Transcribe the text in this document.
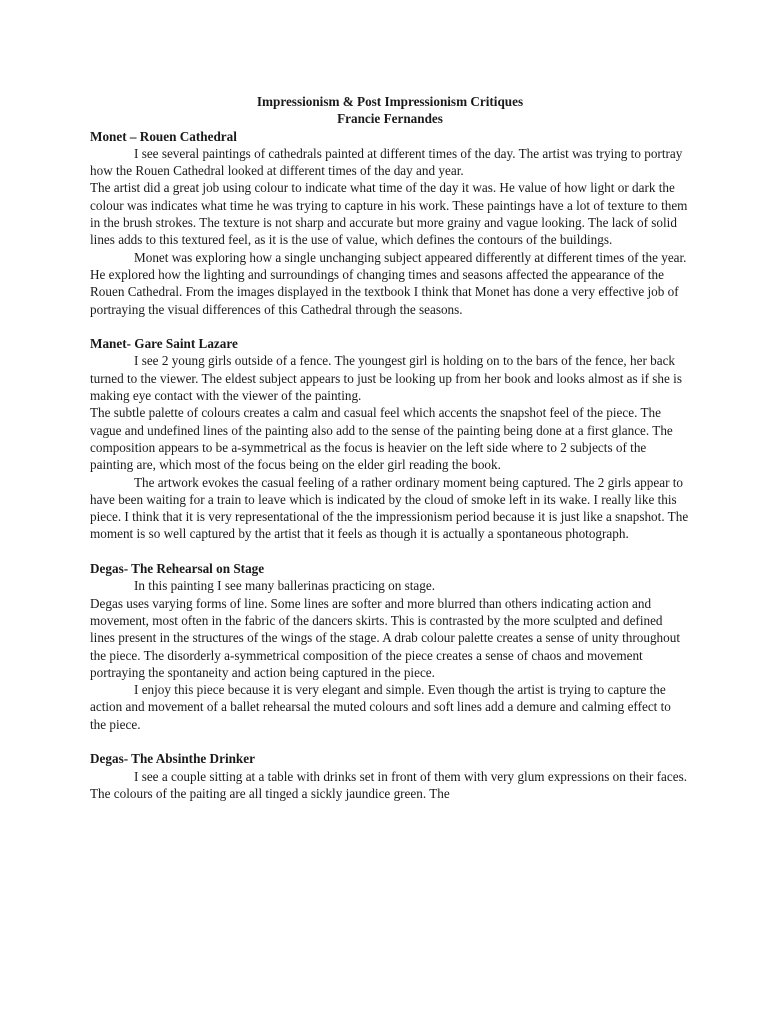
Impressionism & Post Impressionism Critiques
Francie Fernandes
Monet – Rouen Cathedral
I see several paintings of cathedrals painted at different times of the day. The artist was trying to portray how the Rouen Cathedral looked at different times of the day and year.
The artist did a great job using colour to indicate what time of the day it was. He value of how light or dark the colour was indicates what time he was trying to capture in his work. These paintings have a lot of texture to them in the brush strokes. The texture is not sharp and accurate but more grainy and vague looking. The lack of solid lines adds to this textured feel, as it is the use of value, which defines the contours of the buildings.
Monet was exploring how a single unchanging subject appeared differently at different times of the year. He explored how the lighting and surroundings of changing times and seasons affected the appearance of the Rouen Cathedral. From the images displayed in the textbook I think that Monet has done a very effective job of portraying the visual differences of this Cathedral through the seasons.
Manet- Gare Saint Lazare
I see 2 young girls outside of a fence. The youngest girl is holding on to the bars of the fence, her back turned to the viewer. The eldest subject appears to just be looking up from her book and looks almost as if she is making eye contact with the viewer of the painting.
The subtle palette of colours creates a calm and casual feel which accents the snapshot feel of the piece. The vague and undefined lines of the painting also add to the sense of the painting being done at a first glance. The composition appears to be a-symmetrical as the focus is heavier on the left side where to 2 subjects of the painting are, which most of the focus being on the elder girl reading the book.
The artwork evokes the casual feeling of a rather ordinary moment being captured. The 2 girls appear to have been waiting for a train to leave which is indicated by the cloud of smoke left in its wake. I really like this piece. I think that it is very representational of the the impressionism period because it is just like a snapshot. The moment is so well captured by the artist that it feels as though it is actually a spontaneous photograph.
Degas- The Rehearsal on Stage
In this painting I see many ballerinas practicing on stage.
Degas uses varying forms of line. Some lines are softer and more blurred than others indicating action and movement, most often in the fabric of the dancers skirts. This is contrasted by the more sculpted and defined lines present in the structures of the wings of the stage. A drab colour palette creates a sense of unity throughout the piece. The disorderly a-symmetrical composition of the piece creates a sense of chaos and movement portraying the spontaneity and action being captured in the piece.
I enjoy this piece because it is very elegant and simple. Even though the artist is trying to capture the action and movement of a ballet rehearsal the muted colours and soft lines add a demure and calming effect to the piece.
Degas- The Absinthe Drinker
I see a couple sitting at a table with drinks set in front of them with very glum expressions on their faces. The colours of the paiting are all tinged a sickly jaundice green. The
